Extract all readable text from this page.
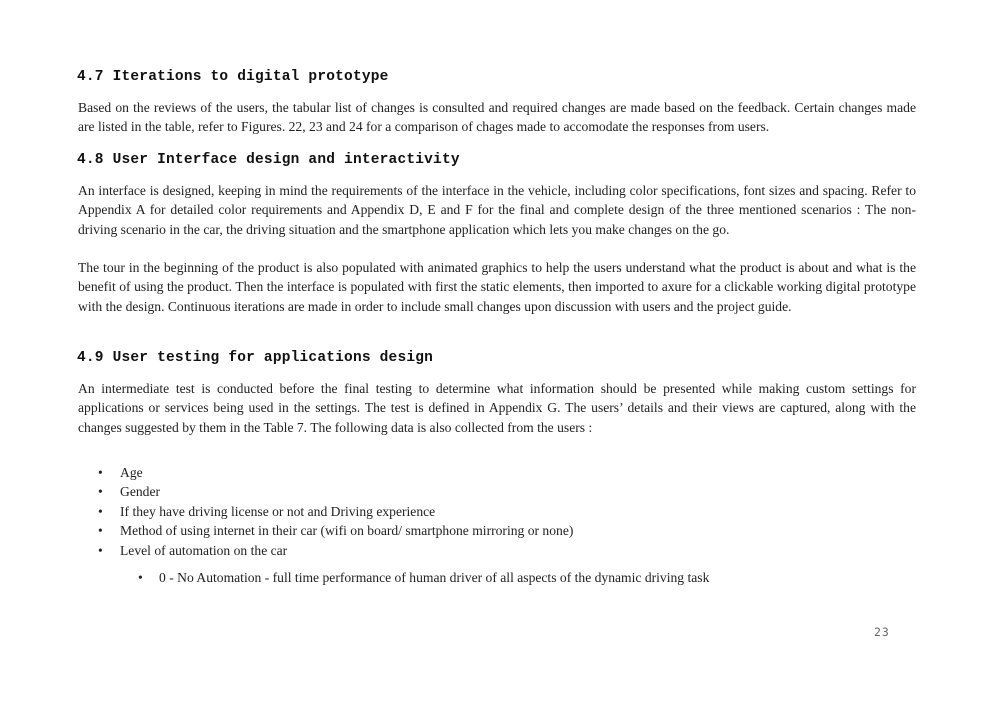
4.7 Iterations to digital prototype
Based on the reviews of the users, the tabular list of changes is consulted and required changes are made based on the feedback. Certain changes made are listed in the table, refer to Figures. 22, 23 and 24 for a comparison of chages made to accomodate the responses from users.
4.8 User Interface design and interactivity
An interface is designed, keeping in mind the requirements of the interface in the vehicle, including color specifications, font sizes and spacing. Refer to Appendix A for detailed color requirements and Appendix D, E and F for the final and complete design of the three mentioned scenarios : The non-driving scenario in the car, the driving situation and the smartphone application which lets you make changes on the go.
The tour in the beginning of the product is also populated with animated graphics to help the users understand what the product is about and what is the benefit of using the product. Then the interface is populated with first the static elements, then imported to axure for a clickable working digital prototype with the design. Continuous iterations are made in order to include small changes upon discussion with users and the project guide.
4.9 User testing for applications design
An intermediate test is conducted before the final testing to determine what information should be presented while making custom settings for applications or services being used in the settings. The test is defined in Appendix G. The users’ details and their views are captured, along with the changes suggested by them in the Table 7. The following data is also collected from the users :
• Age
• Gender
• If they have driving license or not and Driving experience
• Method of using internet in their car (wifi on board/ smartphone mirroring or none)
• Level of automation on the car
• 0 - No Automation - full time performance of human driver of all aspects of the dynamic driving task
23
